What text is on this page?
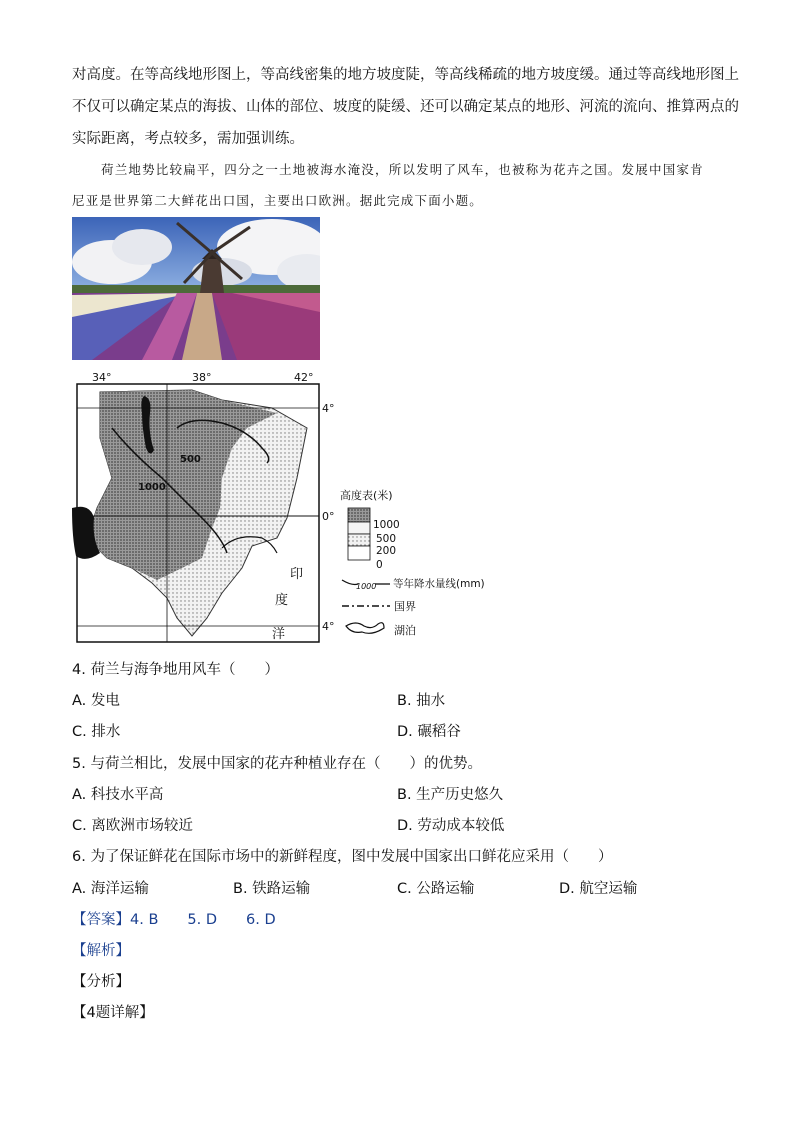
对高度。在等高线地形图上，等高线密集的地方坡度陡，等高线稀疏的地方坡度缓。通过等高线地形图上
不仅可以确定某点的海拔、山体的部位、坡度的陡缓、还可以确定某点的地形、河流的流向、推算两点的
实际距离，考点较多，需加强训练。
荷兰地势比较扁平，四分之一土地被海水淹没，所以发明了风车，也被称为花卉之国。发展中国家肯
尼亚是世界第二大鲜花出口国，主要出口欧洲。据此完成下面小题。
34°	38°	42°
4°
0°
4°
500
1000
印
度
洋
高度表(米)
1000
500
200
0
1000 等年降水量线(mm)
国界
湖泊
4. 荷兰与海争地用风车（　　）
A. 发电	B. 抽水
C. 排水	D. 碾稻谷
5. 与荷兰相比，发展中国家的花卉种植业存在（　　）的优势。
A. 科技水平高	B. 生产历史悠久
C. 离欧洲市场较近	D. 劳动成本较低
6. 为了保证鲜花在国际市场中的新鲜程度，图中发展中国家出口鲜花应采用（　　）
A. 海洋运输	B. 铁路运输	C. 公路运输	D. 航空运输
【答案】4. B　　5. D　　6. D
【解析】
【分析】
【4题详解】
